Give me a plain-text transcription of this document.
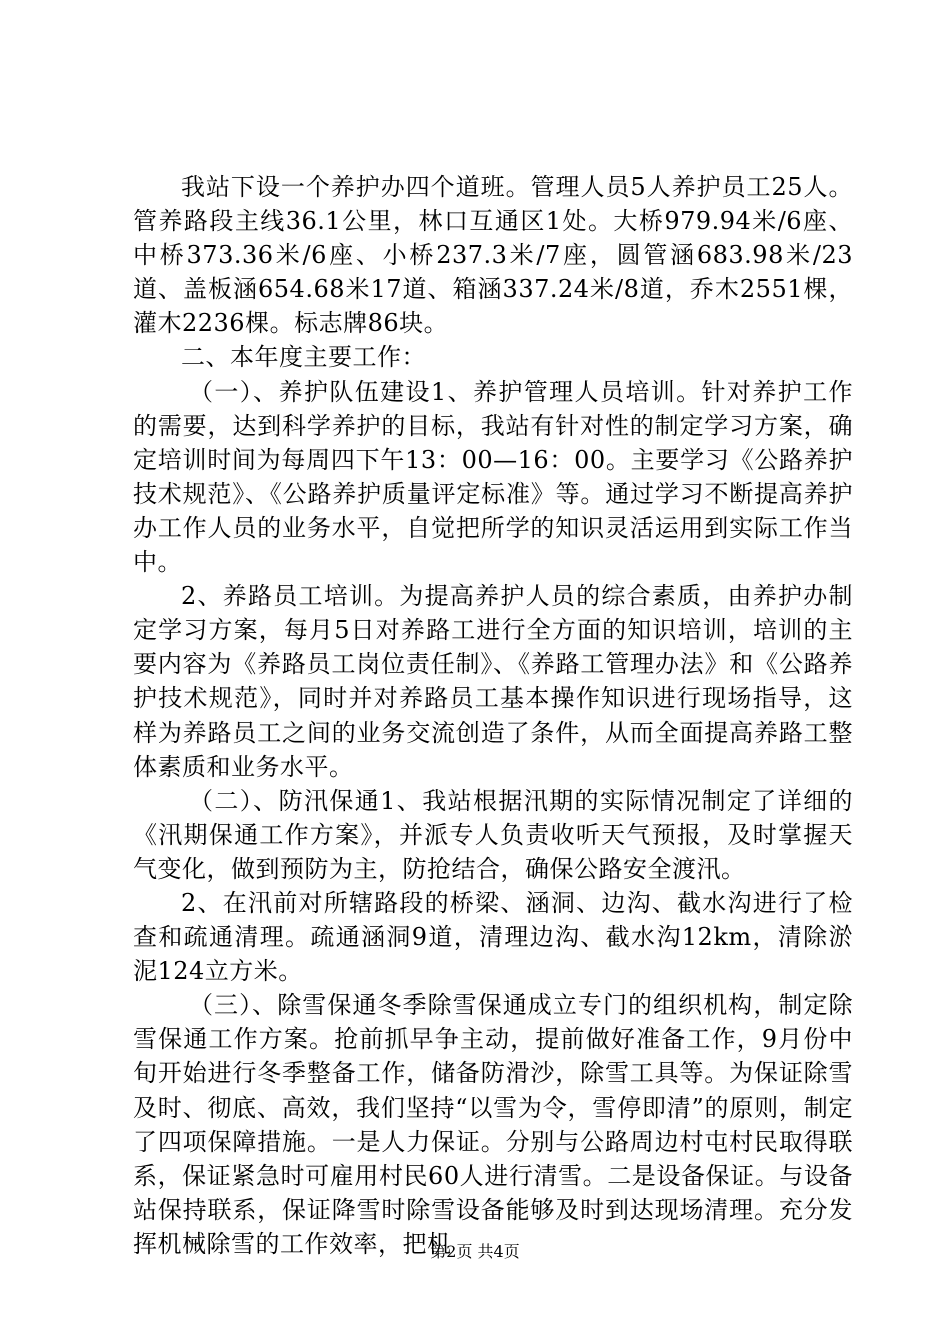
我站下设一个养护办四个道班。管理人员5人养护员工25人。管养路段主线36.1公里，林口互通区1处。大桥979.94米/6座、中桥373.36米/6座、小桥237.3米/7座，圆管涵683.98米/23道、盖板涵654.68米17道、箱涵337.24米/8道，乔木2551棵，灌木2236棵。标志牌86块。

二、本年度主要工作：

（一）、养护队伍建设1、养护管理人员培训。针对养护工作的需要，达到科学养护的目标，我站有针对性的制定学习方案，确定培训时间为每周四下午13：00—16：00。主要学习《公路养护技术规范》、《公路养护质量评定标准》等。通过学习不断提高养护办工作人员的业务水平，自觉把所学的知识灵活运用到实际工作当中。

2、养路员工培训。为提高养护人员的综合素质，由养护办制定学习方案，每月5日对养路工进行全方面的知识培训，培训的主要内容为《养路员工岗位责任制》、《养路工管理办法》和《公路养护技术规范》，同时并对养路员工基本操作知识进行现场指导，这样为养路员工之间的业务交流创造了条件，从而全面提高养路工整体素质和业务水平。

（二）、防汛保通1、我站根据汛期的实际情况制定了详细的《汛期保通工作方案》，并派专人负责收听天气预报，及时掌握天气变化，做到预防为主，防抢结合，确保公路安全渡汛。

2、在汛前对所辖路段的桥梁、涵洞、边沟、截水沟进行了检查和疏通清理。疏通涵洞9道，清理边沟、截水沟12km，清除淤泥124立方米。

（三）、除雪保通冬季除雪保通成立专门的组织机构，制定除雪保通工作方案。抢前抓早争主动，提前做好准备工作，9月份中旬开始进行冬季整备工作，储备防滑沙，除雪工具等。为保证除雪及时、彻底、高效，我们坚持“以雪为令，雪停即清”的原则，制定了四项保障措施。一是人力保证。分别与公路周边村屯村民取得联系，保证紧急时可雇用村民60人进行清雪。二是设备保证。与设备站保持联系，保证降雪时除雪设备能够及时到达现场清理。充分发挥机械除雪的工作效率，把机

第2页 共4页
